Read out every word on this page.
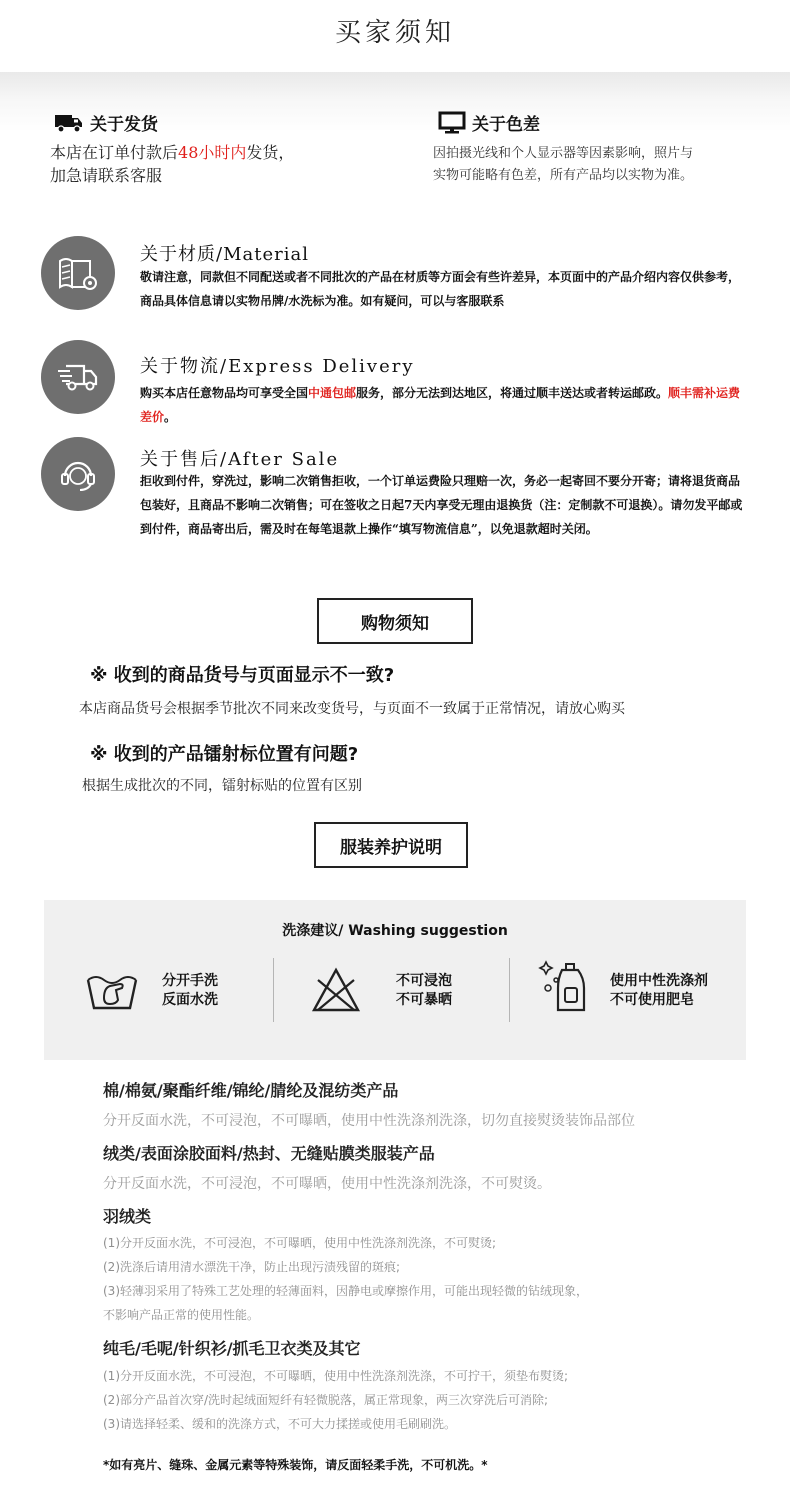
买家须知
关于发货
本店在订单付款后48小时内发货，
加急请联系客服
关于色差
因拍摄光线和个人显示器等因素影响，照片与
实物可能略有色差，所有产品均以实物为准。
关于材质/Material
敬请注意，同款但不同配送或者不同批次的产品在材质等方面会有些许差异，本页面中的产品介绍内容仅供参考，商品具体信息请以实物吊牌/水洗标为准。如有疑问，可以与客服联系
关于物流/Express Delivery
购买本店任意物品均可享受全国中通包邮服务，部分无法到达地区，将通过顺丰送达或者转运邮政。顺丰需补运费差价。
关于售后/After Sale
拒收到付件，穿洗过，影响二次销售拒收，一个订单运费险只理赔一次，务必一起寄回不要分开寄；请将退货商品包装好，且商品不影响二次销售；可在签收之日起7天内享受无理由退换货（注：定制款不可退换）。请勿发平邮或到付件，商品寄出后，需及时在每笔退款上操作“填写物流信息”，以免退款超时关闭。
购物须知
※ 收到的商品货号与页面显示不一致?
本店商品货号会根据季节批次不同来改变货号，与页面不一致属于正常情况，请放心购买
※ 收到的产品镭射标位置有问题?
根据生成批次的不同，镭射标贴的位置有区别
服装养护说明
洗涤建议/ Washing suggestion
分开手洗
反面水洗
不可浸泡
不可暴晒
使用中性洗涤剂
不可使用肥皂
棉/棉氨/聚酯纤维/锦纶/腈纶及混纺类产品
分开反面水洗，不可浸泡，不可曝晒，使用中性洗涤剂洗涤，切勿直接熨烫装饰品部位
绒类/表面涂胶面料/热封、无缝贴膜类服装产品
分开反面水洗，不可浸泡，不可曝晒，使用中性洗涤剂洗涤，不可熨烫。
羽绒类
(1)分开反面水洗，不可浸泡，不可曝晒，使用中性洗涤剂洗涤，不可熨烫;
(2)洗涤后请用清水漂洗干净，防止出现污渍残留的斑痕;
(3)轻薄羽采用了特殊工艺处理的轻薄面料，因静电或摩擦作用，可能出现轻微的钻绒现象，
不影响产品正常的使用性能。
纯毛/毛呢/针织衫/抓毛卫衣类及其它
(1)分开反面水洗，不可浸泡，不可曝晒，使用中性洗涤剂洗涤，不可拧干，须垫布熨烫;
(2)部分产品首次穿/洗时起绒面短纤有轻微脱落，属正常现象，两三次穿洗后可消除;
(3)请选择轻柔、缓和的洗涤方式，不可大力揉搓或使用毛刷刷洗。
*如有亮片、缝珠、金属元素等特殊装饰，请反面轻柔手洗，不可机洗。*
